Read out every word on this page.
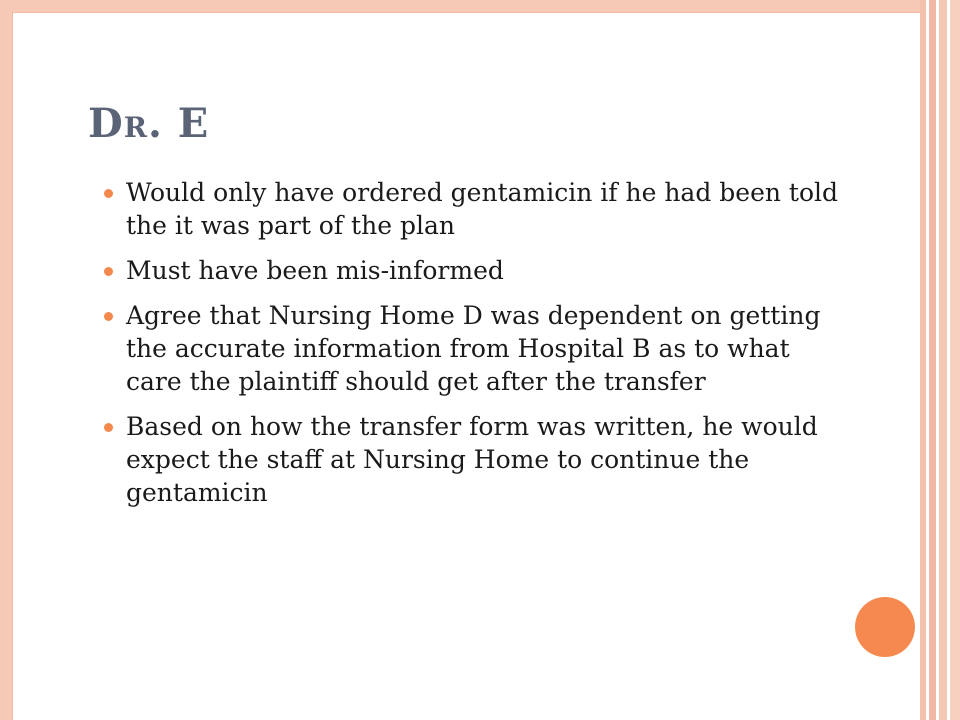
Dr. E
Would only have ordered gentamicin if he had been told the it was part of the plan
Must have been mis-informed
Agree that Nursing Home D was dependent on getting the accurate information from Hospital B as to what care the plaintiff should get after the transfer
Based on how the transfer form was written, he would expect the staff at Nursing Home to continue the gentamicin
